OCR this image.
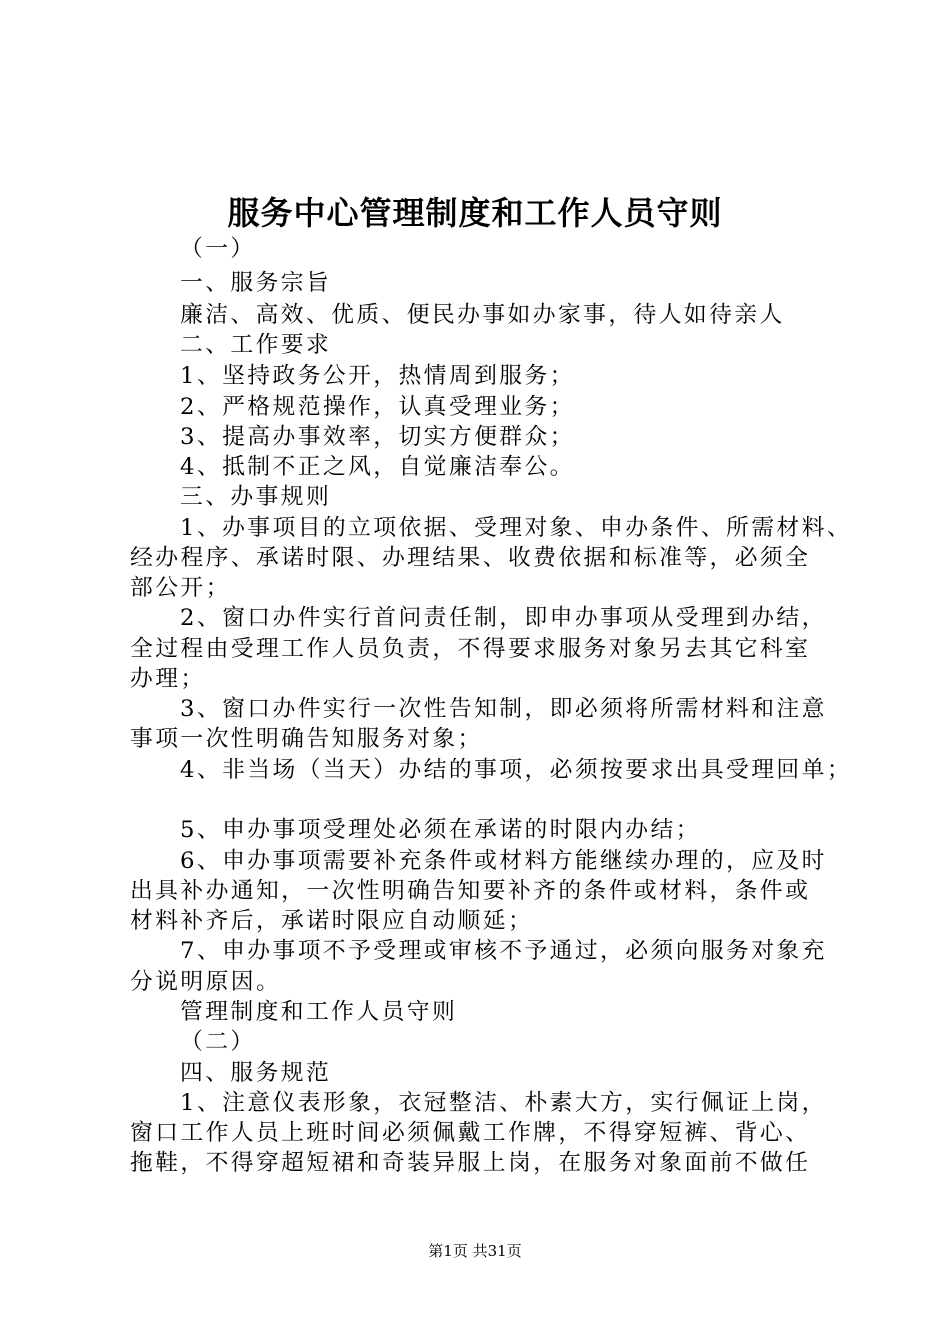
服务中心管理制度和工作人员守则
（一）
一、服务宗旨
廉洁、高效、优质、便民办事如办家事，待人如待亲人
二、工作要求
1、坚持政务公开，热情周到服务；
2、严格规范操作，认真受理业务；
3、提高办事效率，切实方便群众；
4、抵制不正之风，自觉廉洁奉公。
三、办事规则
1、办事项目的立项依据、受理对象、申办条件、所需材料、
经办程序、承诺时限、办理结果、收费依据和标准等，必须全
部公开；
2、窗口办件实行首问责任制，即申办事项从受理到办结，
全过程由受理工作人员负责，不得要求服务对象另去其它科室
办理；
3、窗口办件实行一次性告知制，即必须将所需材料和注意
事项一次性明确告知服务对象；
4、非当场（当天）办结的事项，必须按要求出具受理回单；
5、申办事项受理处必须在承诺的时限内办结；
6、申办事项需要补充条件或材料方能继续办理的，应及时
出具补办通知，一次性明确告知要补齐的条件或材料，条件或
材料补齐后，承诺时限应自动顺延；
7、申办事项不予受理或审核不予通过，必须向服务对象充
分说明原因。
管理制度和工作人员守则
（二）
四、服务规范
1、注意仪表形象，衣冠整洁、朴素大方，实行佩证上岗，
窗口工作人员上班时间必须佩戴工作牌，不得穿短裤、背心、
拖鞋，不得穿超短裙和奇装异服上岗，在服务对象面前不做任
第1页 共31页
